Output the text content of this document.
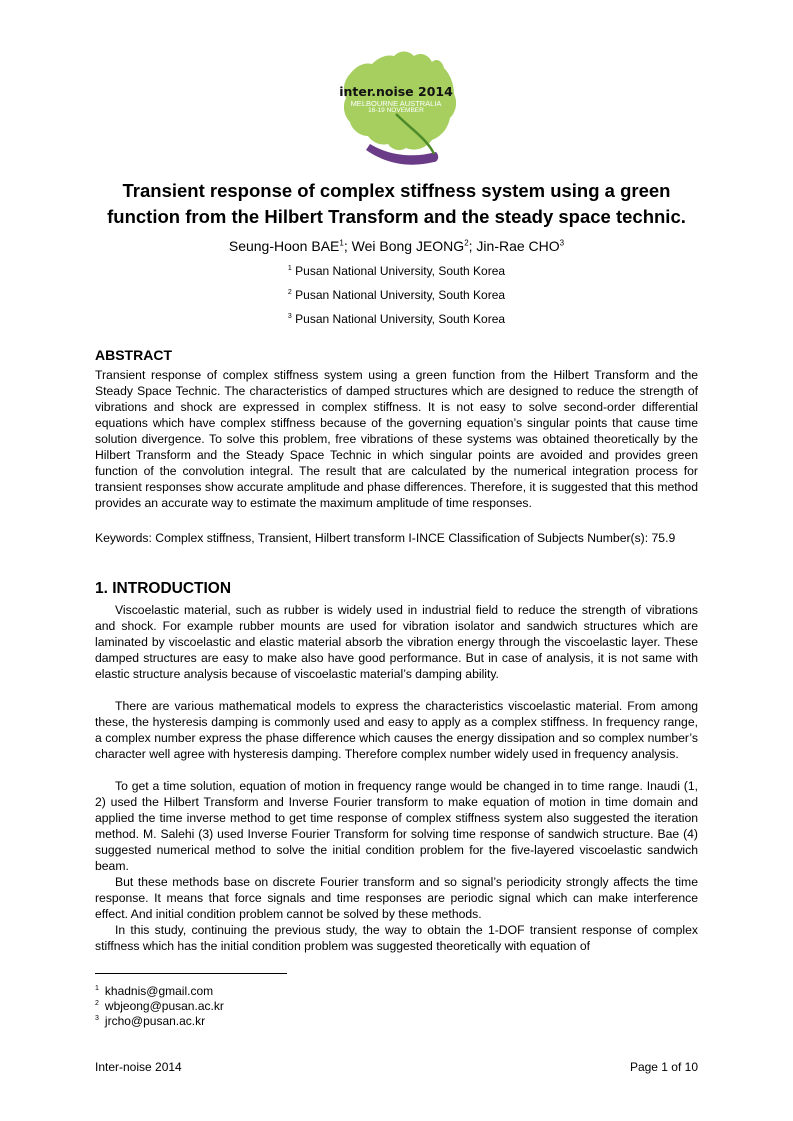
inter.noise 2014
MELBOURNE AUSTRALIA
16-19 NOVEMBER
Transient response of complex stiffness system using a green
function from the Hilbert Transform and the steady space technic.
Seung-Hoon BAE$^1$; Wei Bong JEONG$^2$; Jin-Rae CHO$^3$
$^1$ Pusan National University, South Korea
$^2$ Pusan National University, South Korea
$^3$ Pusan National University, South Korea
ABSTRACT
Transient response of complex stiffness system using a green function from the Hilbert Transform and the Steady Space Technic. The characteristics of damped structures which are designed to reduce the strength of vibrations and shock are expressed in complex stiffness. It is not easy to solve second-order differential equations which have complex stiffness because of the governing equation’s singular points that cause time solution divergence. To solve this problem, free vibrations of these systems was obtained theoretically by the Hilbert Transform and the Steady Space Technic in which singular points are avoided and provides green function of the convolution integral. The result that are calculated by the numerical integration process for transient responses show accurate amplitude and phase differences. Therefore, it is suggested that this method provides an accurate way to estimate the maximum amplitude of time responses.
Keywords: Complex stiffness, Transient, Hilbert transform I-INCE Classification of Subjects Number(s): 75.9
1. INTRODUCTION
Viscoelastic material, such as rubber is widely used in industrial field to reduce the strength of vibrations and shock. For example rubber mounts are used for vibration isolator and sandwich structures which are laminated by viscoelastic and elastic material absorb the vibration energy through the viscoelastic layer. These damped structures are easy to make also have good performance. But in case of analysis, it is not same with elastic structure analysis because of viscoelastic material’s damping ability.
There are various mathematical models to express the characteristics viscoelastic material. From among these, the hysteresis damping is commonly used and easy to apply as a complex stiffness. In frequency range, a complex number express the phase difference which causes the energy dissipation and so complex number’s character well agree with hysteresis damping. Therefore complex number widely used in frequency analysis.
To get a time solution, equation of motion in frequency range would be changed in to time range. Inaudi (1, 2) used the Hilbert Transform and Inverse Fourier transform to make equation of motion in time domain and applied the time inverse method to get time response of complex stiffness system also suggested the iteration method. M. Salehi (3) used Inverse Fourier Transform for solving time response of sandwich structure. Bae (4) suggested numerical method to solve the initial condition problem for the five-layered viscoelastic sandwich beam.
But these methods base on discrete Fourier transform and so signal’s periodicity strongly affects the time response. It means that force signals and time responses are periodic signal which can make interference effect. And initial condition problem cannot be solved by these methods.
In this study, continuing the previous study, the way to obtain the 1-DOF transient response of complex stiffness which has the initial condition problem was suggested theoretically with equation of
$^1$ khadnis@gmail.com
$^2$ wbjeong@pusan.ac.kr
$^3$ jrcho@pusan.ac.kr
Inter-noise 2014	Page 1 of 10
